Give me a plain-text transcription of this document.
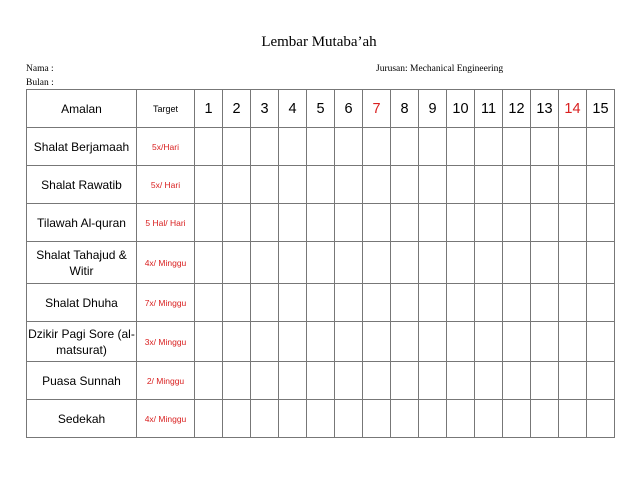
Lembar Mutaba’ah
Nama :
Bulan :
Jurusan: Mechanical Engineering
Amalan	Target	1	2	3	4	5	6	7	8	9	10	11	12	13	14	15
Shalat Berjamaah	5x/Hari															
Shalat Rawatib	5x/ Hari															
Tilawah Al-quran	5 Hal/ Hari															
Shalat Tahajud & Witir	4x/ Minggu															
Shalat Dhuha	7x/ Minggu															
Dzikir Pagi Sore (al-matsurat)	3x/ Minggu															
Puasa Sunnah	2/ Minggu															
Sedekah	4x/ Minggu															
